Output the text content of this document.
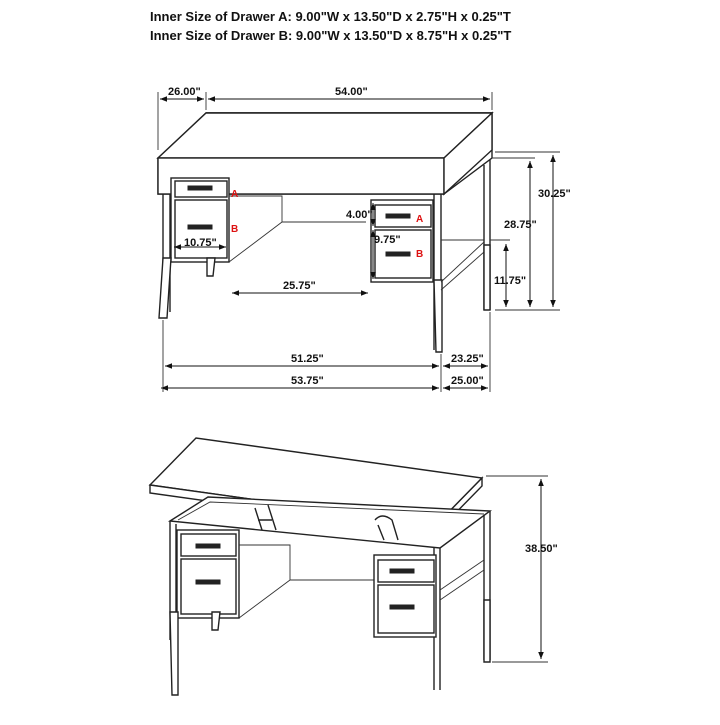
Inner Size of Drawer A: 9.00"W x 13.50"D x 2.75"H x 0.25"T
Inner Size of Drawer B: 9.00"W x 13.50"D x 8.75"H x 0.25"T
A
B
A
B
26.00"	54.00"
30.25"
28.75"
11.75"
4.00"
9.75"
10.75"
25.75"
51.25"
53.75"
23.25"
25.00"
38.50"
